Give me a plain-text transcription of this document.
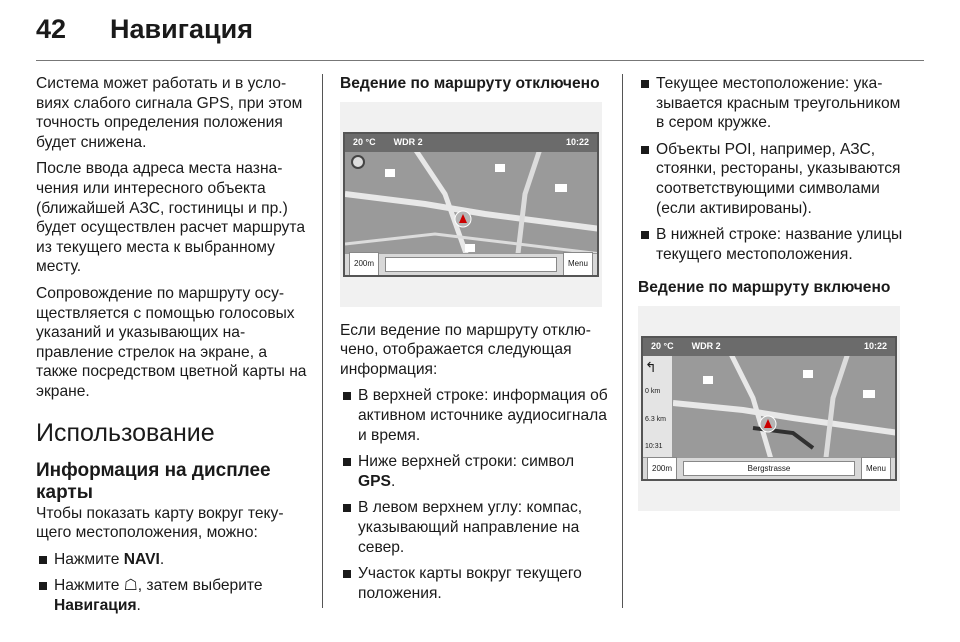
42 Навигация

Система может работать и в условиях слабого сигнала GPS, при этом точность определения положения будет снижена.

После ввода адреса места назначения или интересного объекта (ближайшей АЗС, гостиницы и пр.) будет осуществлен расчет маршрута из текущего места к выбранному месту.

Сопровождение по маршруту осуществляется с помощью голосовых указаний и указывающих направление стрелок на экране, а также посредством цветной карты на экране.

Использование
Информация на дисплее карты

Чтобы показать карту вокруг текущего местоположения, можно:

Нажмите NAVI.
Нажмите ☖, затем выберите Навигация.
Ведение по маршруту отключено
20 °C WDR 2	10:22
200m	Menu

Если ведение по маршруту отключено, отображается следующая информация:

В верхней строке: информация об активном источнике аудиосигнала и время.
Ниже верхней строки: символ GPS.
В левом верхнем углу: компас, указывающий направление на север.
Участок карты вокруг текущего положения.
Текущее местоположение: указывается красным треугольником в сером кружке.
Объекты POI, например, АЗС, стоянки, рестораны, указываются соответствующими символами (если активированы).
В нижней строке: название улицы текущего местоположения.
Ведение по маршруту включено
20 °C WDR 2	10:22
↰
0 km
6.3 km
10:31
200m	Bergstrasse	Menu
